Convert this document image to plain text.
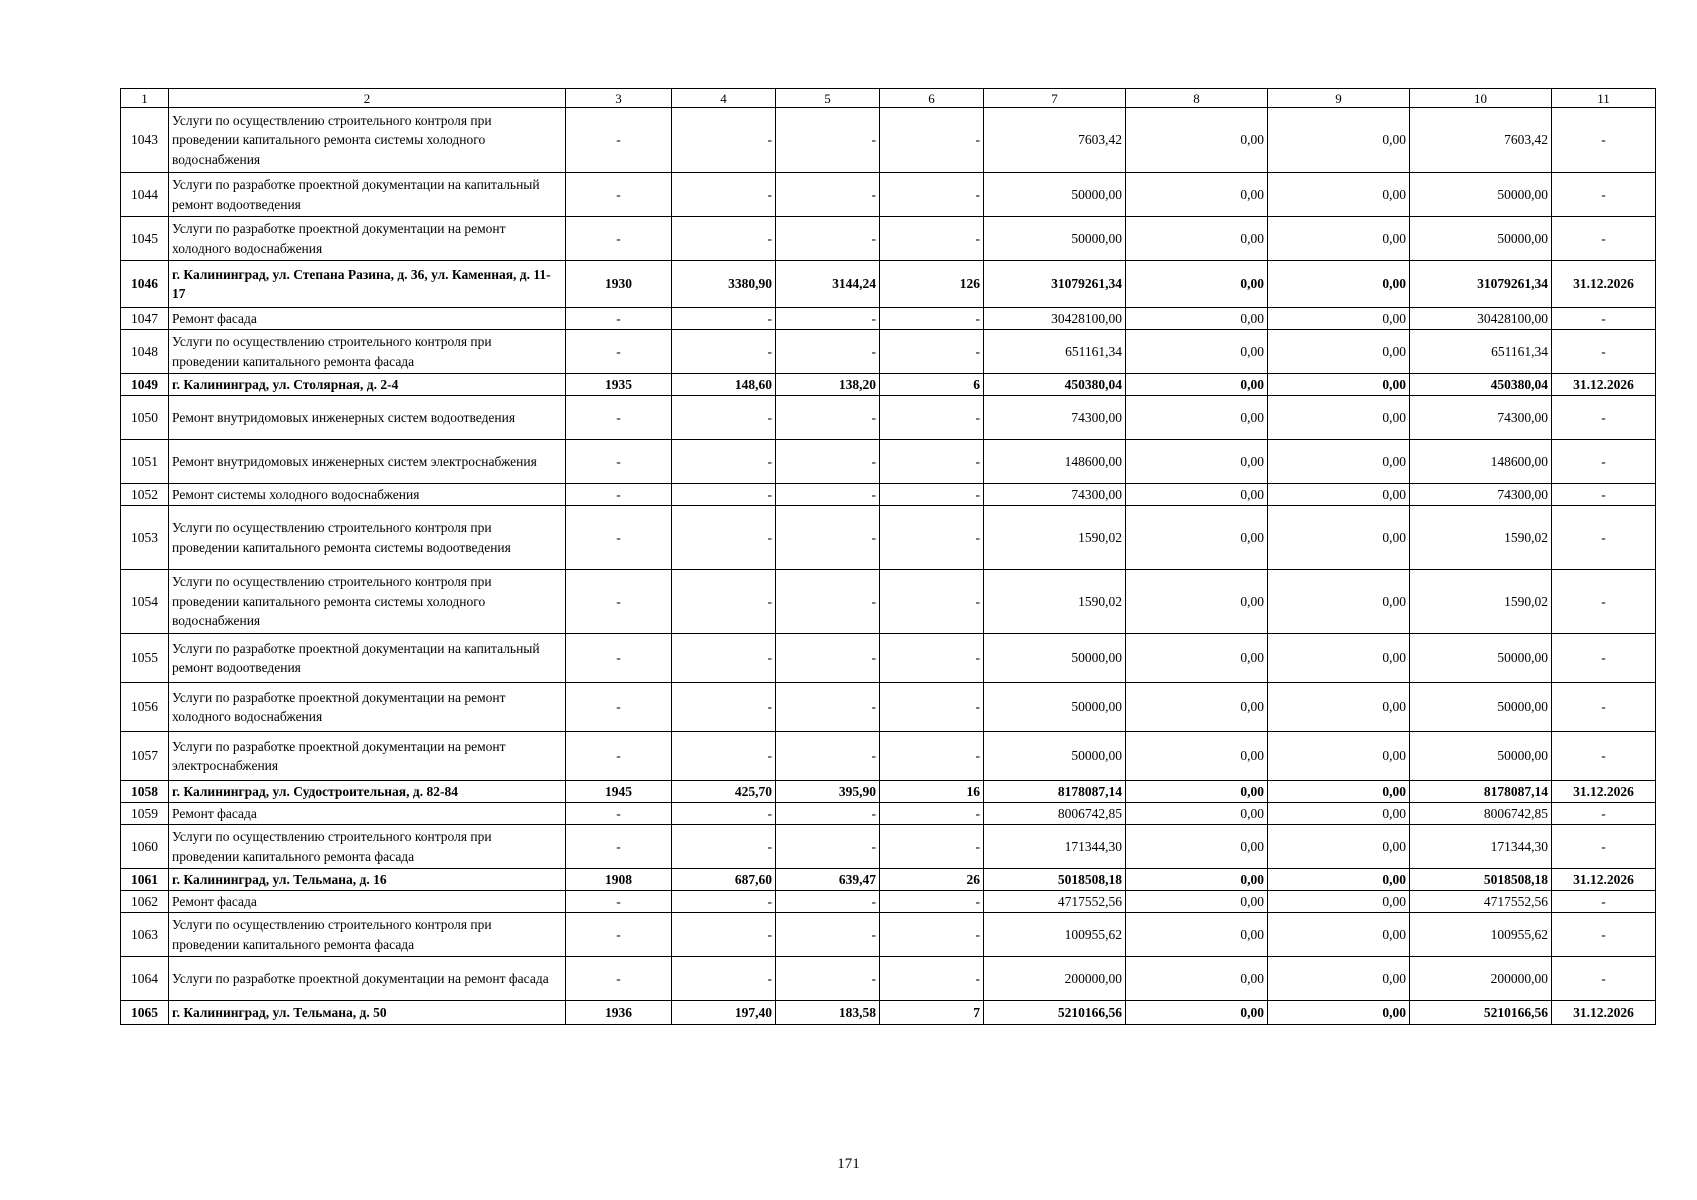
1	2	3	4	5	6	7	8	9	10	11
1043	Услуги по осуществлению строительного контроля при проведении капитального ремонта системы холодного водоснабжения	-	-	-	-	7603,42	0,00	0,00	7603,42	-
1044	Услуги по разработке проектной документации на капитальный ремонт водоотведения	-	-	-	-	50000,00	0,00	0,00	50000,00	-
1045	Услуги по разработке проектной документации на ремонт холодного водоснабжения	-	-	-	-	50000,00	0,00	0,00	50000,00	-
1046	г. Калининград, ул. Степана Разина, д. 36, ул. Каменная, д. 11-17	1930	3380,90	3144,24	126	31079261,34	0,00	0,00	31079261,34	31.12.2026
1047	Ремонт фасада	-	-	-	-	30428100,00	0,00	0,00	30428100,00	-
1048	Услуги по осуществлению строительного контроля при проведении капитального ремонта фасада	-	-	-	-	651161,34	0,00	0,00	651161,34	-
1049	г. Калининград, ул. Столярная, д. 2-4	1935	148,60	138,20	6	450380,04	0,00	0,00	450380,04	31.12.2026
1050	Ремонт внутридомовых инженерных систем водоотведения	-	-	-	-	74300,00	0,00	0,00	74300,00	-
1051	Ремонт внутридомовых инженерных систем электроснабжения	-	-	-	-	148600,00	0,00	0,00	148600,00	-
1052	Ремонт системы холодного водоснабжения	-	-	-	-	74300,00	0,00	0,00	74300,00	-
1053	Услуги по осуществлению строительного контроля при проведении капитального ремонта системы водоотведения	-	-	-	-	1590,02	0,00	0,00	1590,02	-
1054	Услуги по осуществлению строительного контроля при проведении капитального ремонта системы холодного водоснабжения	-	-	-	-	1590,02	0,00	0,00	1590,02	-
1055	Услуги по разработке проектной документации на капитальный ремонт водоотведения	-	-	-	-	50000,00	0,00	0,00	50000,00	-
1056	Услуги по разработке проектной документации на ремонт холодного водоснабжения	-	-	-	-	50000,00	0,00	0,00	50000,00	-
1057	Услуги по разработке проектной документации на ремонт электроснабжения	-	-	-	-	50000,00	0,00	0,00	50000,00	-
1058	г. Калининград, ул. Судостроительная, д. 82-84	1945	425,70	395,90	16	8178087,14	0,00	0,00	8178087,14	31.12.2026
1059	Ремонт фасада	-	-	-	-	8006742,85	0,00	0,00	8006742,85	-
1060	Услуги по осуществлению строительного контроля при проведении капитального ремонта фасада	-	-	-	-	171344,30	0,00	0,00	171344,30	-
1061	г. Калининград, ул. Тельмана, д. 16	1908	687,60	639,47	26	5018508,18	0,00	0,00	5018508,18	31.12.2026
1062	Ремонт фасада	-	-	-	-	4717552,56	0,00	0,00	4717552,56	-
1063	Услуги по осуществлению строительного контроля при проведении капитального ремонта фасада	-	-	-	-	100955,62	0,00	0,00	100955,62	-
1064	Услуги по разработке проектной документации на ремонт фасада	-	-	-	-	200000,00	0,00	0,00	200000,00	-
1065	г. Калининград, ул. Тельмана, д. 50	1936	197,40	183,58	7	5210166,56	0,00	0,00	5210166,56	31.12.2026
171
